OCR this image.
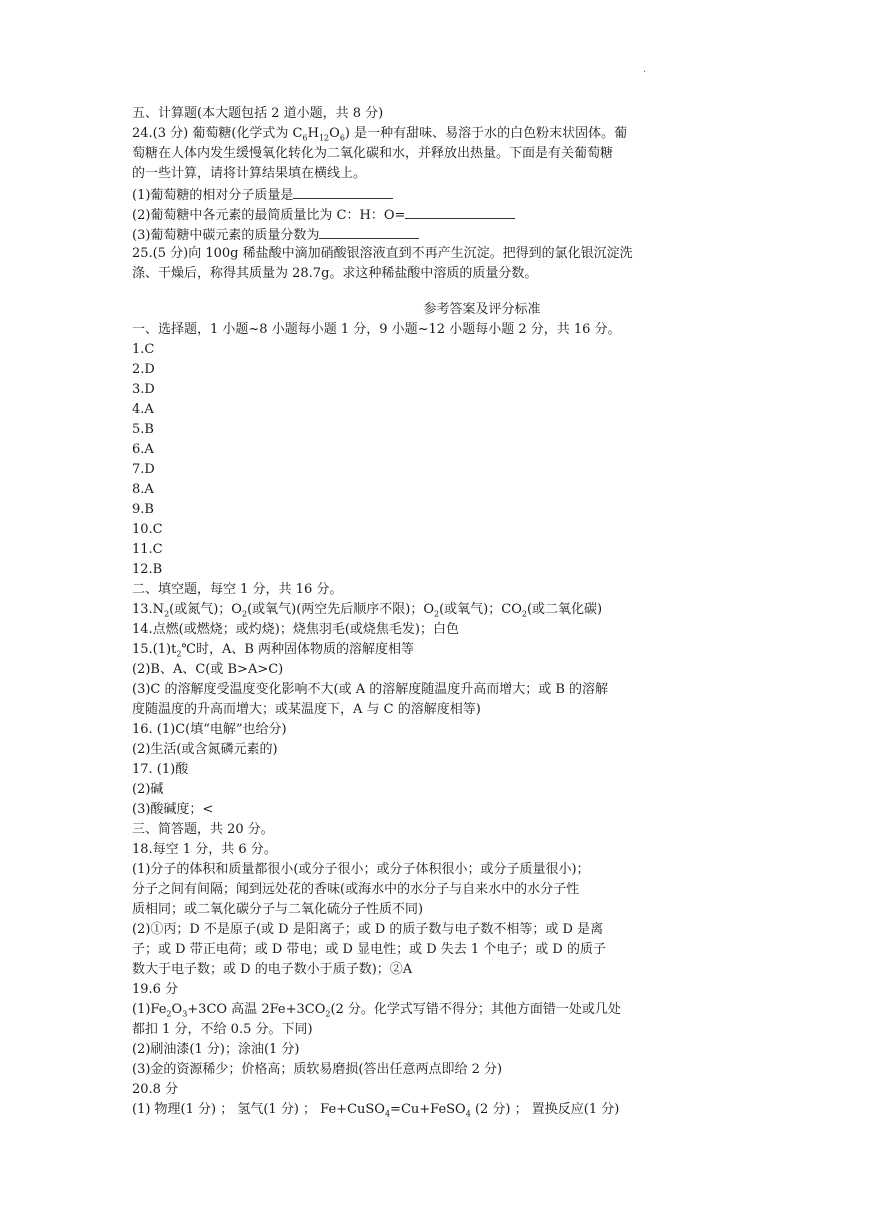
.
五、计算题(本大题包括 2 道小题，共 8 分)
24.(3 分) 葡萄糖(化学式为 $C_6H_{12}O_6$) 是一种有甜味、易溶于水的白色粉末状固体。葡
萄糖在人体内发生缓慢氧化转化为二氧化碳和水，并释放出热量。下面是有关葡萄糖
的一些计算，请将计算结果填在横线上。
(1)葡萄糖的相对分子质量是
(2)葡萄糖中各元素的最简质量比为 C：H：O=
(3)葡萄糖中碳元素的质量分数为
25.(5 分)向 100g 稀盐酸中滴加硝酸银溶液直到不再产生沉淀。把得到的氯化银沉淀洗
涤、干燥后，称得其质量为 28.7g。求这种稀盐酸中溶质的质量分数。
参考答案及评分标准
一、选择题，1 小题~8 小题每小题 1 分，9 小题~12 小题每小题 2 分，共 16 分。
1.C
2.D
3.D
4.A
5.B
6.A
7.D
8.A
9.B
10.C
11.C
12.B
二、填空题，每空 1 分，共 16 分。
$13.N_2$(或氮气)；$O_2$(或氧气)(两空先后顺序不限)；$O_2$(或氧气)；$CO_2$(或二氧化碳)
14.点燃(或燃烧；或灼烧)；烧焦羽毛(或烧焦毛发)；白色
$15.(1)t_2℃$时，A、B 两种固体物质的溶解度相等
(2)B、A、C(或 B>A>C)
(3)C 的溶解度受温度变化影响不大(或 A 的溶解度随温度升高而增大；或 B 的溶解
度随温度的升高而增大；或某温度下，A 与 C 的溶解度相等)
16. (1)C(填“电解”也给分)
(2)生活(或含氮磷元素的)
17. (1)酸
(2)碱
(3)酸碱度；<
三、简答题，共 20 分。
18.每空 1 分，共 6 分。
(1)分子的体积和质量都很小(或分子很小；或分子体积很小；或分子质量很小)；
分子之间有间隔；闻到远处花的香味(或海水中的水分子与自来水中的水分子性
质相同；或二氧化碳分子与二氧化硫分子性质不同)
(2)①丙；D 不是原子(或 D 是阳离子；或 D 的质子数与电子数不相等；或 D 是离
子；或 D 带正电荷；或 D 带电；或 D 显电性；或 D 失去 1 个电子；或 D 的质子
数大于电子数；或 D 的电子数小于质子数)；②A
19.6 分
$(1)Fe_2O_3+3CO$ 高温 $2Fe+3CO_2(2$ 分。化学式写错不得分；其他方面错一处或几处
都扣 1 分，不给 0.5 分。下同)
(2)刷油漆(1 分)；涂油(1 分)
(3)金的资源稀少；价格高；质软易磨损(答出任意两点即给 2 分)
20.8 分
(1) 物理(1 分) ； 氢气(1 分) ； Fe+CuSO$_4$=Cu+FeSO$_4$ (2 分) ； 置换反应(1 分)
